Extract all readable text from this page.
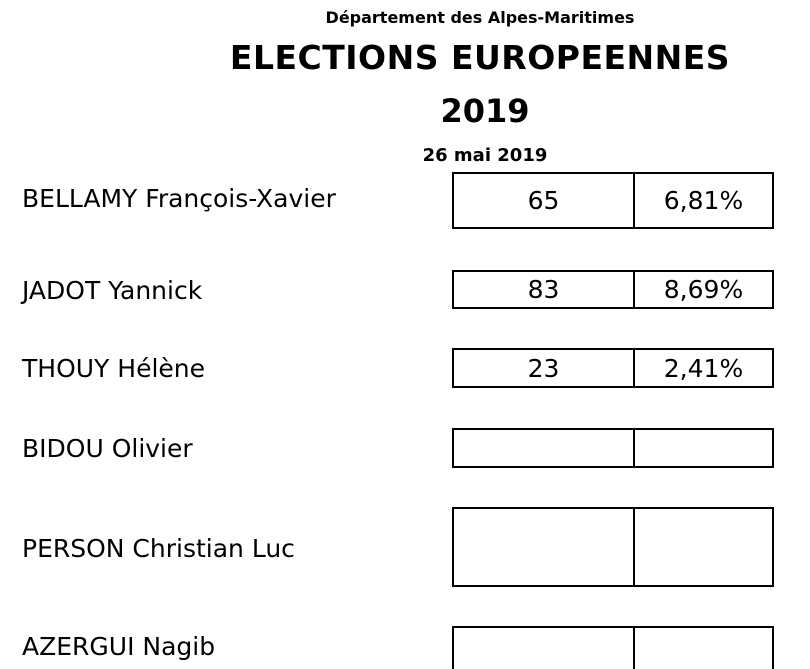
Département des Alpes-Maritimes
ELECTIONS EUROPEENNES
2019
26 mai 2019
BELLAMY François-Xavier	65	6,81%
JADOT Yannick	83	8,69%
THOUY Hélène	23	2,41%
BIDOU Olivier
PERSON Christian Luc
AZERGUI Nagib
